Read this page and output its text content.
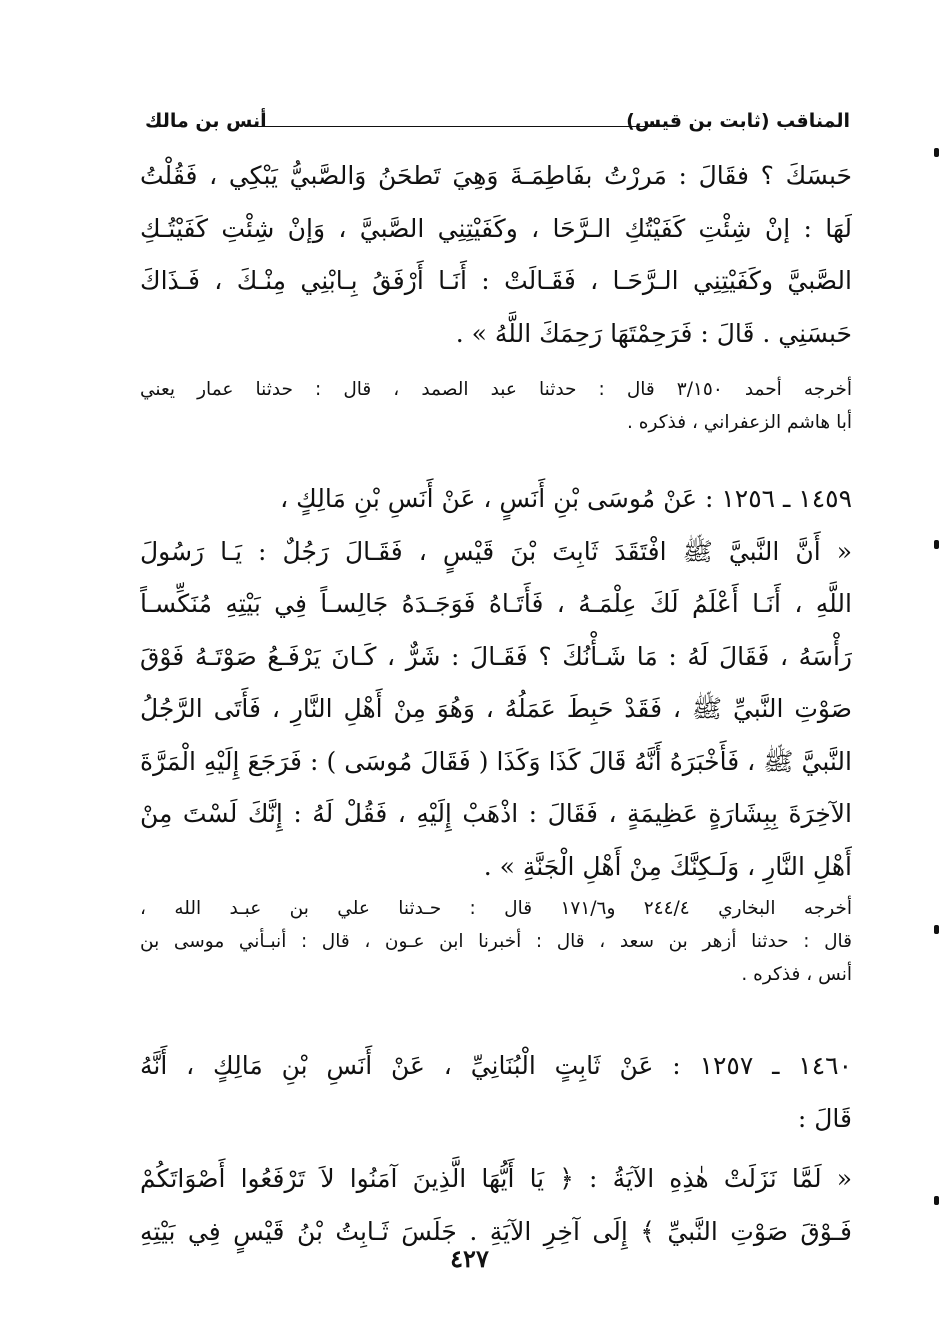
المناقب (ثابت بن قيس)
أنس بن مالك
حَبسَكَ ؟ فقَالَ : مَررْتُ بفَاطِمَـةَ وَهِيَ تَطحَنُ وَالصَّبيُّ يَبْكِي ، فَقُلْتُ
لَهَا : إنْ شِئْتِ كَفَيْتُكِ الـرَّحَا ، وكَفَيْتِنِي الصَّبيَّ ، وَإنْ شِئْتِ كَفَيْتُـكِ
الصَّبيَّ وكَفَيْتِنِي الـرَّحَـا ، فَقَـالَتْ : أَنَـا أَرْفَقُ بِـابْنِي مِنْـكَ ، فَـذَاكَ
حَبسَنِي . قَالَ : فَرَحِمْتَهَا رَحِمَكَ اللَّهُ » .
أخرجه أحمد ٣/١٥٠ قال : حدثنا عبد الصمد ، قال : حدثنا عمار يعني
أبا هاشم الزعفراني ، فذكره .
١٤٥٩ ـ ١٢٥٦ : عَنْ مُوسَى بْنِ أَنَسٍ ، عَنْ أَنَسِ بْنِ مَالِكٍ ،
« أَنَّ النَّبيَّ ﷺ افْتَقَدَ ثَابِتَ بْنَ قَيْسٍ ، فَقَـالَ رَجُلٌ : يَـا رَسُولَ
اللَّهِ ، أَنَـا أَعْلَمُ لَكَ عِلْمَـهُ ، فَأَتَـاهُ فَوَجَـدَهُ جَالِسـاً فِي بَيْتِهِ مُنَكِّسـاً
رَأْسَهُ ، فَقَالَ لَهُ : مَا شَـأْنُكَ ؟ فَقَـالَ : شَرٌّ ، كَـانَ يَرْفَـعُ صَوْتَـهُ فَوْقَ
صَوْتِ النَّبيِّ ﷺ ، فَقَدْ حَبِطَ عَمَلُهُ ، وَهُوَ مِنْ أَهْلِ النَّارِ ، فَأَتَى الرَّجُلُ
النَّبيَّ ﷺ ، فَأَخْبَرَهُ أَنَّهُ قَالَ كَذَا وَكَذَا ( فَقَالَ مُوسَى ) : فَرَجَعَ إِلَيْهِ الْمَرَّةَ
الآخِرَةَ بِبِشَارَةٍ عَظِيمَةٍ ، فَقَالَ : اذْهَبْ إِلَيْهِ ، فَقُلْ لَهُ : إِنَّكَ لَسْتَ مِنْ
أَهْلِ النَّارِ ، وَلَـكِنَّكَ مِنْ أَهْلِ الْجَنَّةِ » .
أخرجه البخاري ٢٤٤/٤ و١٧١/٦ قال : حـدثنا علي بن عبـد الله ،
قال : حدثنا أزهر بن سعد ، قال : أخبرنا ابن عـون ، قال : أنبـأني موسى بن
أنس ، فذكره .
١٤٦٠ ـ ١٢٥٧ : عَنْ ثَابِتٍ الْبُنَانِيِّ ، عَنْ أَنَسِ بْنِ مَالِكٍ ، أَنَّهُ
قَالَ :
« لَمَّا نَزَلَتْ هٰذِهِ الآيَةُ : ﴿ يَا أَيُّهَا الَّذِينَ آمَنُوا لاَ تَرْفَعُوا أَصْوَاتَكُمْ
فَـوْقَ صَوْتِ النَّبيِّ ﴾ إِلَى آخِرِ الآيَةِ . جَلَسَ ثَـابِتُ بْنُ قَيْسٍ فِي بَيْتِهِ
٤٢٧
